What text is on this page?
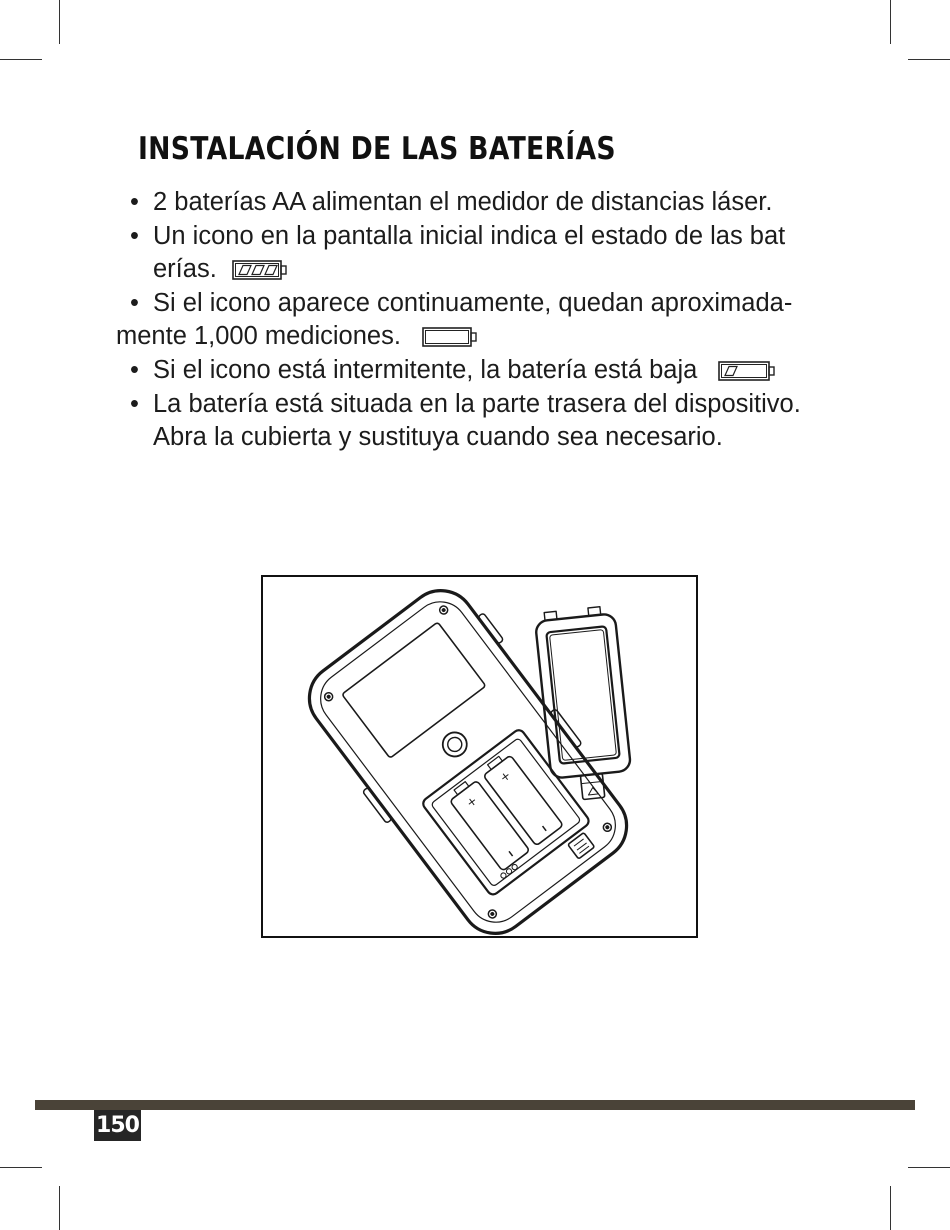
INSTALACIÓN DE LAS BATERÍAS
• 2 baterías AA alimentan el medidor de distancias láser.
• Un icono en la pantalla inicial indica el estado de las bat
erías.
• Si el icono aparece continuamente, quedan aproximada-
mente 1,000 mediciones.
• Si el icono está intermitente, la batería está baja
• La batería está situada en la parte trasera del dispositivo.
Abra la cubierta y sustituya cuando sea necesario.
+
+
150
